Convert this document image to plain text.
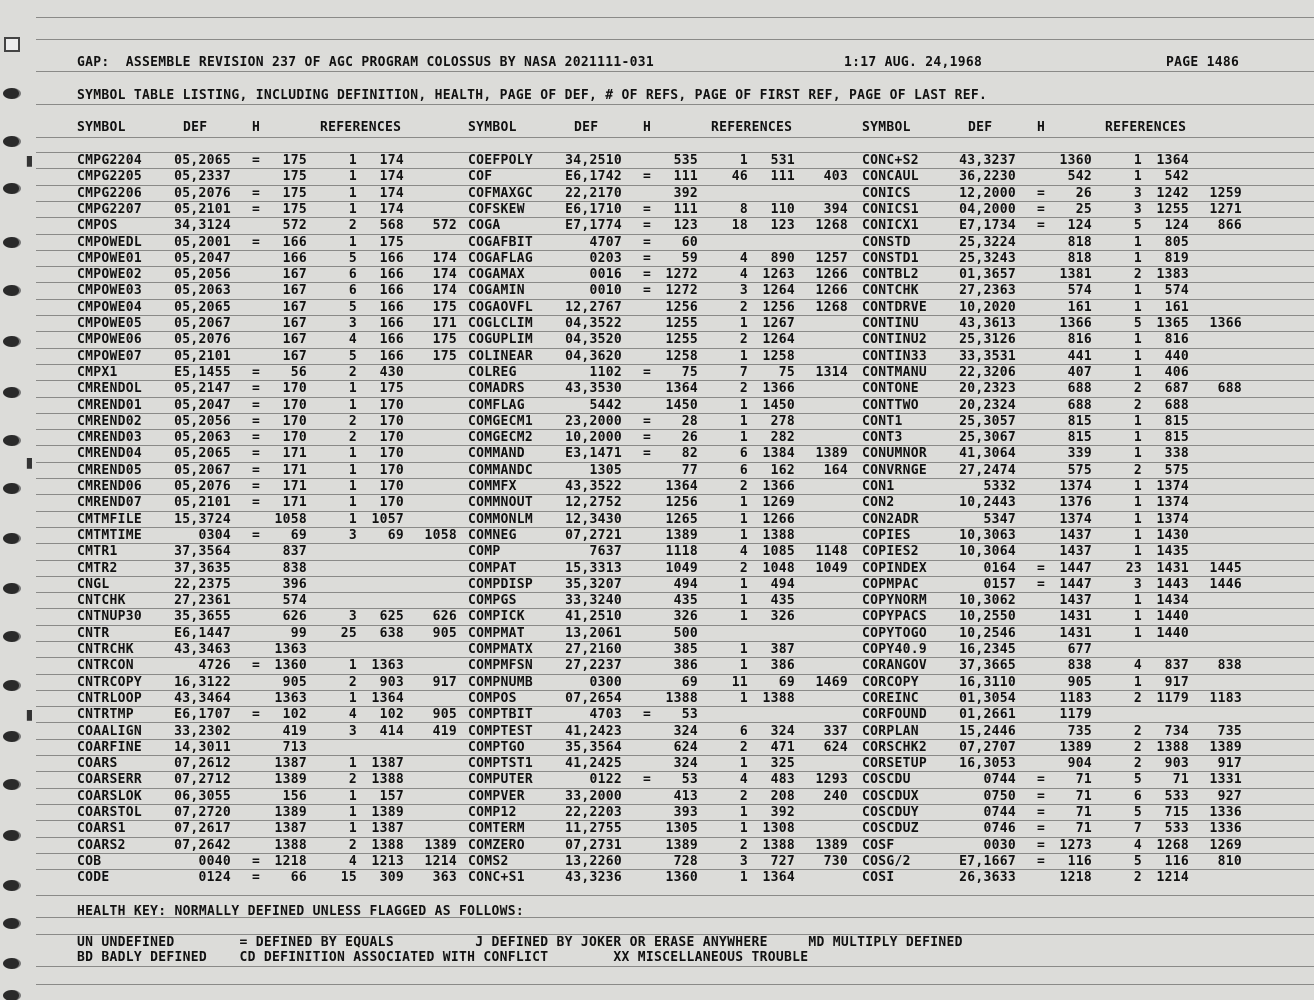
▮
▮
▮
GAP:  ASSEMBLE REVISION 237 OF AGC PROGRAM COLOSSUS BY NASA 2021111-031	1:17 AUG. 24,1968	PAGE 1486
SYMBOL TABLE LISTING, INCLUDING DEFINITION, HEALTH, PAGE OF DEF, # OF REFS, PAGE OF FIRST REF, PAGE OF LAST REF.
SYMBOL	DEF	H	REFERENCES	SYMBOL	DEF	H	REFERENCES	SYMBOL	DEF	H	REFERENCES
CMPG2204 05,2065 = 175	1 174
CMPG2205 05,2337	175	1 174
CMPG2206 05,2076 = 175	1 174
CMPG2207 05,2101 = 175	1 174
CMPOS	34,3124	572	2 568 572
CMPOWEDL 05,2001 = 166	1 175
CMPOWE01 05,2047	166	5 166 174
CMPOWE02 05,2056	167	6 166 174
CMPOWE03 05,2063	167	6 166 174
CMPOWE04 05,2065	167	5 166 175
CMPOWE05 05,2067	167	3 166 171
CMPOWE06 05,2076	167	4 166 175
CMPOWE07 05,2101	167	5 166 175
CMPX1	E5,1455 = 56	2 430
CMRENDOL 05,2147 = 170	1 175
CMREND01 05,2047 = 170	1 170
CMREND02 05,2056 = 170	2 170
CMREND03 05,2063 = 170	2 170
CMREND04 05,2065 = 171	1 170
CMREND05 05,2067 = 171	1 170
CMREND06 05,2076 = 171	1 170
CMREND07 05,2101 = 171	1 170
CMTMFILE 15,3724	1058	1 1057
CMTMTIME	0304 = 69	3 69 1058
CMTR1	37,3564	837
CMTR2	37,3635	838
CNGL	22,2375	396
CNTCHK	27,2361	574
CNTNUP30 35,3655	626	3 625 626
CNTR	E6,1447	99	25 638 905
CNTRCHK	43,3463	1363
CNTRCON	4726 = 1360	1 1363
CNTRCOPY 16,3122	905	2 903 917
CNTRLOOP 43,3464	1363	1 1364
CNTRTMP	E6,1707 = 102	4 102 905
COAALIGN 33,2302	419	3 414 419
COARFINE 14,3011	713
COARS	07,2612	1387	1 1387
COARSERR 07,2712	1389	2 1388
COARSLOK 06,3055	156	1 157
COARSTOL 07,2720	1389	1 1389
COARS1	07,2617	1387	1 1387
COARS2	07,2642	1388	2 1388 1389
COB	0040 = 1218	4 1213 1214
CODE	0124 = 66	15 309 363
COEFPOLY 34,2510	535	1 531
COF	E6,1742 = 111	46 111 403
COFMAXGC 22,2170	392
COFSKEW	E6,1710 = 111	8 110 394
COGA	E7,1774 = 123	18 123 1268
COGAFBIT	4707 = 60
COGAFLAG	0203 = 59	4 890 1257
COGAMAX	0016 = 1272	4 1263 1266
COGAMIN	0010 = 1272	3 1264 1266
COGAOVFL 12,2767	1256	2 1256 1268
COGLCLIM 04,3522	1255	1 1267
COGUPLIM 04,3520	1255	2 1264
COLINEAR 04,3620	1258	1 1258
COLREG	1102 = 75	7 75 1314
COMADRS	43,3530	1364	2 1366
COMFLAG	5442	1450	1 1450
COMGECM1 23,2000 = 28	1 278
COMGECM2 10,2000 = 26	1 282
COMMAND	E3,1471 = 82	6 1384 1389
COMMANDC	1305	77	6 162 164
COMMFX	43,3522	1364	2 1366
COMMNOUT 12,2752	1256	1 1269
COMMONLM 12,3430	1265	1 1266
COMNEG	07,2721	1389	1 1388
COMP	7637	1118	4 1085 1148
COMPAT	15,3313	1049	2 1048 1049
COMPDISP 35,3207	494	1 494
COMPGS	33,3240	435	1 435
COMPICK	41,2510	326	1 326
COMPMAT	13,2061	500
COMPMATX 27,2160	385	1 387
COMPMFSN 27,2237	386	1 386
COMPNUMB	0300	69	11 69 1469
COMPOS	07,2654	1388	1 1388
COMPTBIT	4703 = 53
COMPTEST 41,2423	324	6 324 337
COMPTGO	35,3564	624	2 471 624
COMPTST1 41,2425	324	1 325
COMPUTER	0122 = 53	4 483 1293
COMPVER	33,2000	413	2 208 240
COMP12	22,2203	393	1 392
COMTERM	11,2755	1305	1 1308
COMZERO	07,2731	1389	2 1388 1389
COMS2	13,2260	728	3 727 730
CONC+S1	43,3236	1360	1 1364
CONC+S2	43,3237	1360	1 1364
CONCAUL	36,2230	542	1 542
CONICS	12,2000 = 26	3 1242 1259
CONICS1	04,2000 = 25	3 1255 1271
CONICX1	E7,1734 = 124	5 124 866
CONSTD	25,3224	818	1 805
CONSTD1	25,3243	818	1 819
CONTBL2	01,3657	1381	2 1383
CONTCHK	27,2363	574	1 574
CONTDRVE 10,2020	161	1 161
CONTINU	43,3613	1366	5 1365 1366
CONTINU2 25,3126	816	1 816
CONTIN33 33,3531	441	1 440
CONTMANU 22,3206	407	1 406
CONTONE	20,2323	688	2 687 688
CONTTWO	20,2324	688	2 688
CONT1	25,3057	815	1 815
CONT3	25,3067	815	1 815
CONUMNOR 41,3064	339	1 338
CONVRNGE 27,2474	575	2 575
CON1	5332	1374	1 1374
CON2	10,2443	1376	1 1374
CON2ADR	5347	1374	1 1374
COPIES	10,3063	1437	1 1430
COPIES2	10,3064	1437	1 1435
COPINDEX	0164 = 1447	23 1431 1445
COPMPAC	0157 = 1447	3 1443 1446
COPYNORM 10,3062	1437	1 1434
COPYPACS 10,2550	1431	1 1440
COPYTOGO 10,2546	1431	1 1440
COPY40.9 16,2345	677
CORANGOV 37,3665	838	4 837 838
CORCOPY	16,3110	905	1 917
COREINC	01,3054	1183	2 1179 1183
CORFOUND 01,2661	1179
CORPLAN	15,2446	735	2 734 735
CORSCHK2 07,2707	1389	2 1388 1389
CORSETUP 16,3053	904	2 903 917
COSCDU	0744 = 71	5 71 1331
COSCDUX	0750 = 71	6 533 927
COSCDUY	0744 = 71	5 715 1336
COSCDUZ	0746 = 71	7 533 1336
COSF	0030 = 1273	4 1268 1269
COSG/2	E7,1667 = 116	5 116 810
COSI	26,3633	1218	2 1214
HEALTH KEY: NORMALLY DEFINED UNLESS FLAGGED AS FOLLOWS:
UN UNDEFINED        = DEFINED BY EQUALS          J DEFINED BY JOKER OR ERASE ANYWHERE     MD MULTIPLY DEFINED
BD BADLY DEFINED    CD DEFINITION ASSOCIATED WITH CONFLICT        XX MISCELLANEOUS TROUBLE
